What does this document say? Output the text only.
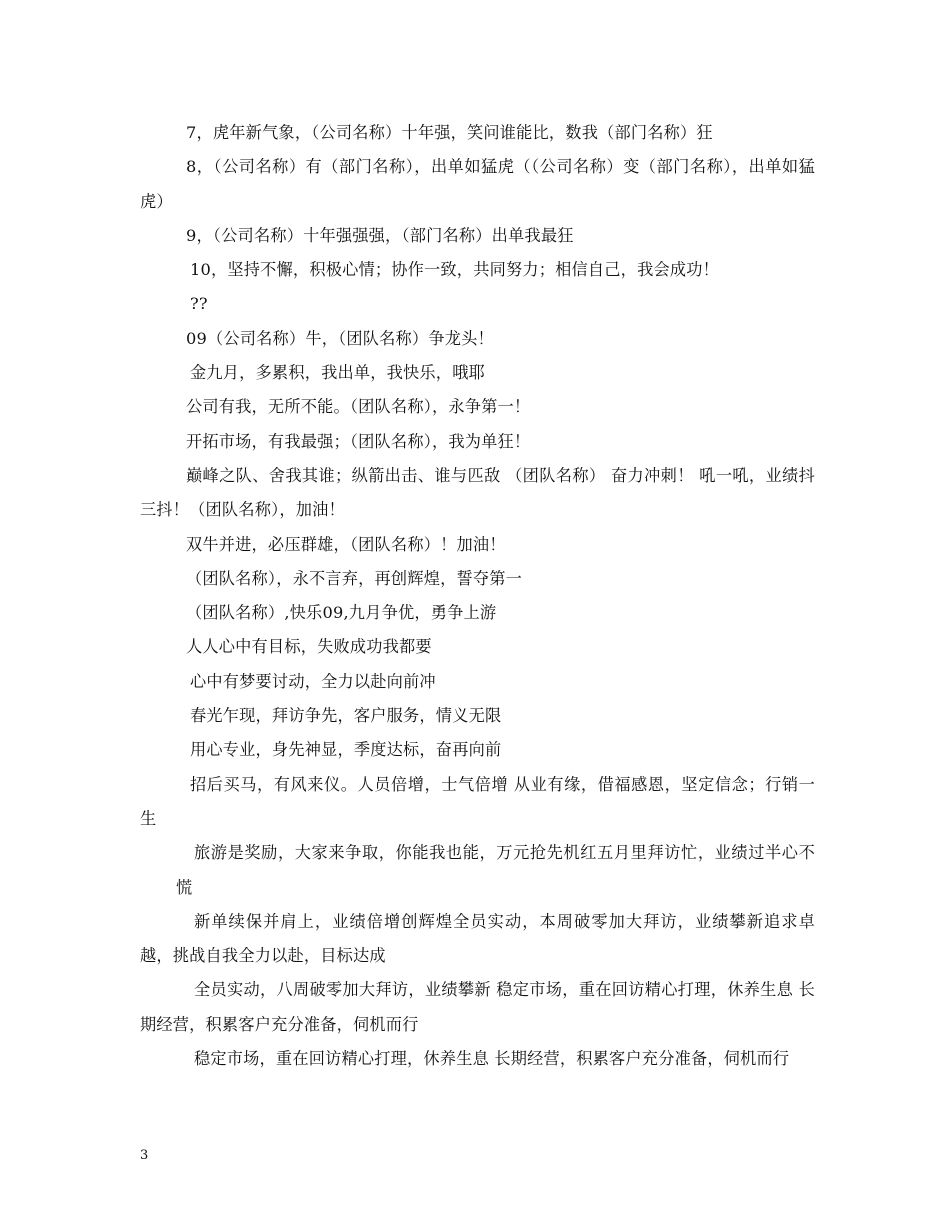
7，虎年新气象，（公司名称）十年强，笑问谁能比，数我（部门名称）狂

8，（公司名称）有（部门名称），出单如猛虎（（公司名称）变（部门名称），出单如猛虎）

9，（公司名称）十年强强强，（部门名称）出单我最狂

10，坚持不懈，积极心情；协作一致，共同努力；相信自己，我会成功！

??

09（公司名称）牛，（团队名称）争龙头！

金九月，多累积，我出单，我快乐，哦耶

公司有我，无所不能。（团队名称），永争第一！

开拓市场，有我最强；（团队名称），我为单狂！

巅峰之队、舍我其谁；纵箭出击、谁与匹敌 （团队名称） 奋力冲刺！ 吼一吼，业绩抖三抖！（团队名称），加油！

双牛并进，必压群雄，（团队名称）！加油！

（团队名称），永不言弃，再创辉煌，誓夺第一

（团队名称）,快乐09,九月争优，勇争上游

人人心中有目标，失败成功我都要

心中有梦要讨动，全力以赴向前冲

春光乍现，拜访争先，客户服务，情义无限

用心专业，身先神显，季度达标，奋再向前

招后买马，有风来仪。人员倍增，士气倍增 从业有缘，借福感恩，坚定信念；行销一生

旅游是奖励，大家来争取，你能我也能，万元抢先机红五月里拜访忙，业绩过半心不慌

新单续保并肩上，业绩倍增创辉煌全员实动，本周破零加大拜访，业绩攀新追求卓越，挑战自我全力以赴，目标达成

全员实动，八周破零加大拜访，业绩攀新 稳定市场，重在回访精心打理，休养生息 长期经营，积累客户充分准备，伺机而行

稳定市场，重在回访精心打理，休养生息 长期经营，积累客户充分准备，伺机而行

3
